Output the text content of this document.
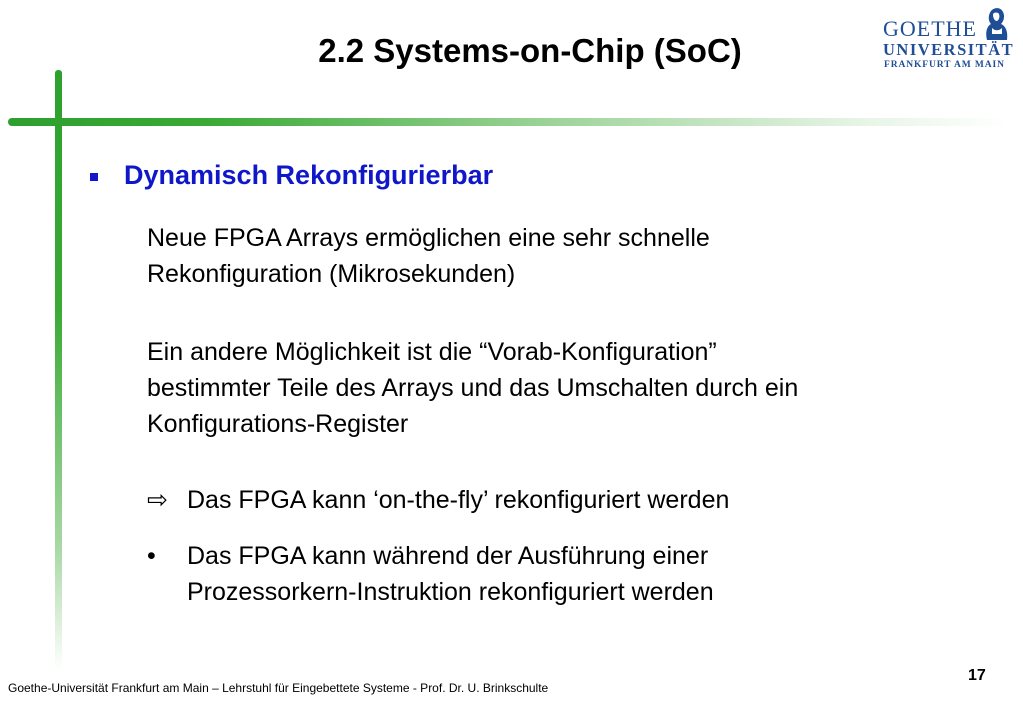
2.2 Systems-on-Chip (SoC)
GOETHE
UNIVERSITÄT
FRANKFURT AM MAIN
Dynamisch Rekonfigurierbar
Neue FPGA Arrays ermöglichen eine sehr schnelle
Rekonfiguration (Mikrosekunden)
Ein andere Möglichkeit ist die “Vorab-Konfiguration”
bestimmter Teile des Arrays und das Umschalten durch ein
Konfigurations-Register
⇨ Das FPGA kann ‘on-the-fly’ rekonfiguriert werden
•	Das FPGA kann während der Ausführung einer
Prozessorkern-Instruktion rekonfiguriert werden
Goethe-Universität Frankfurt am Main – Lehrstuhl für Eingebettete Systeme - Prof. Dr. U. Brinkschulte
17
